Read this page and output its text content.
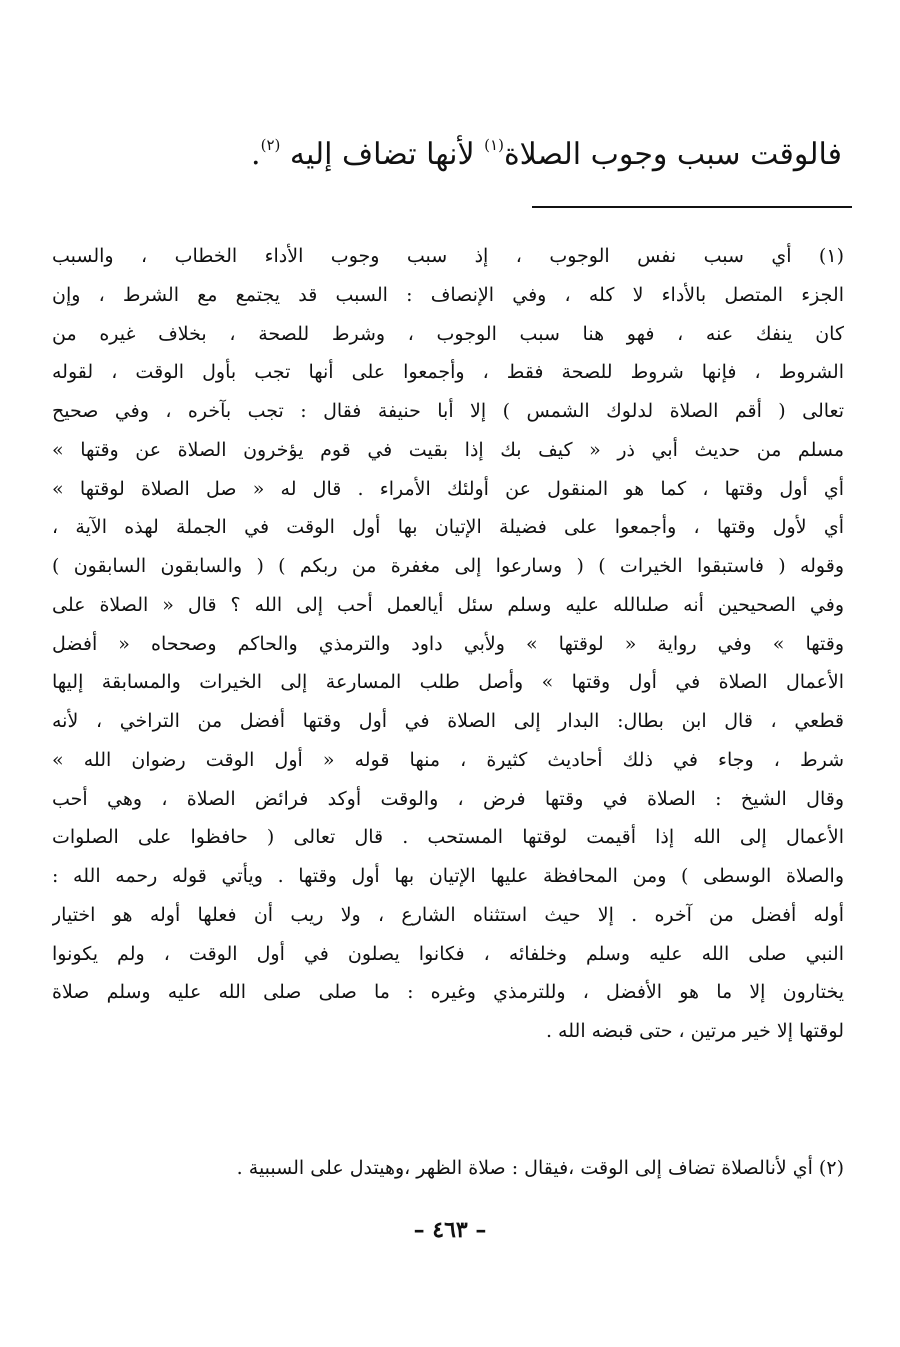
فالوقت سبب وجوب الصلاة$^{(١)}$ لأنها تضاف إليه $^{(٢)}$.
(١) أي سبب نفس الوجوب ، إذ سبب وجوب الأداء الخطاب ، والسبب
الجزء المتصل بالأداء لا كله ، وفي الإنصاف : السبب قد يجتمع مع الشرط ، وإن
كان ينفك عنه ، فهو هنا سبب الوجوب ، وشرط للصحة ، بخلاف غيره من
الشروط ، فإنها شروط للصحة فقط ، وأجمعوا على أنها تجب بأول الوقت ، لقوله
تعالى ( أقم الصلاة لدلوك الشمس ) إلا أبا حنيفة فقال : تجب بآخره ، وفي صحيح
مسلم من حديث أبي ذر « كيف بك إذا بقيت في قوم يؤخرون الصلاة عن وقتها »
أي أول وقتها ، كما هو المنقول عن أولئك الأمراء . قال له « صل الصلاة لوقتها »
أي لأول وقتها ، وأجمعوا على فضيلة الإتيان بها أول الوقت في الجملة لهذه الآية ،
وقوله ( فاستبقوا الخيرات ) ( وسارعوا إلى مغفرة من ربكم ) ( والسابقون السابقون )
وفي الصحيحين أنه صلىالله عليه وسلم سئل أيالعمل أحب إلى الله ؟ قال « الصلاة على
وقتها » وفي رواية « لوقتها » ولأبي داود والترمذي والحاكم وصححاه « أفضل
الأعمال الصلاة في أول وقتها » وأصل طلب المسارعة إلى الخيرات والمسابقة إليها
قطعي ، قال ابن بطال: البدار إلى الصلاة في أول وقتها أفضل من التراخي ، لأنه
شرط ، وجاء في ذلك أحاديث كثيرة ، منها قوله « أول الوقت رضوان الله »
وقال الشيخ : الصلاة في وقتها فرض ، والوقت أوكد فرائض الصلاة ، وهي أحب
الأعمال إلى الله إذا أقيمت لوقتها المستحب . قال تعالى ( حافظوا على الصلوات
والصلاة الوسطى ) ومن المحافظة عليها الإتيان بها أول وقتها . ويأتي قوله رحمه الله :
أوله أفضل من آخره . إلا حيث استثناه الشارع ، ولا ريب أن فعلها أوله هو اختيار
النبي صلى الله عليه وسلم وخلفائه ، فكانوا يصلون في أول الوقت ، ولم يكونوا
يختارون إلا ما هو الأفضل ، وللترمذي وغيره : ما صلى صلى الله عليه وسلم صلاة
لوقتها إلا خير مرتين ، حتى قبضه الله .
(٢) أي لأنالصلاة تضاف إلى الوقت ،فيقال : صلاة الظهر ،وهيتدل على السببية .
– ٤٦٣ –
